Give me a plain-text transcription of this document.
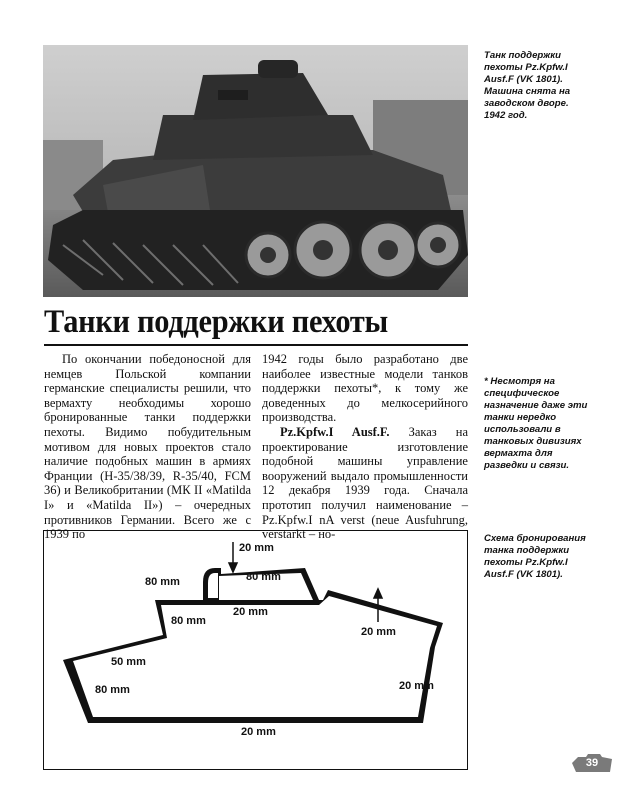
Танк поддержки пехоты Pz.Kpfw.I Ausf.F (VK 1801). Машина снята на заводском дворе. 1942 год.

Танки поддержки пехоты

* Несмотря на специфическое назначение даже эти танки нередко использовали в танковых дивизиях вермахта для разведки и связи.

По окончании победоносной для немцев Польской компании германские специалисты решили, что вермахту необходимы хорошо бронированные танки поддержки пехоты. Видимо побудительным мотивом для новых проектов стало наличие подобных машин в армиях Франции (Н-35/38/39, R-35/40, FCM 36) и Великобритании (МК II «Matilda I» и «Matilda II») – очередных противников Германии. Всего же с 1939 по

1942 годы было разработано две наиболее известные модели танков поддержки пехоты*, к тому же доведенных до мелкосерийного производства.

Pz.Kpfw.I Ausf.F. Заказ на проектирование изготовление подобной машины управление вооружений выдало промышленности 12 декабря 1939 года. Сначала прототип получил наименование – Pz.Kpfw.I nA verst (neue Ausfuhrung, verstarkt – но-	Схема бронирования танка поддержки пехоты Pz.Kpfw.I Ausf.F (VK 1801).

20 mm
80 mm
80 mm
20 mm
80 mm
20 mm
50 mm
80 mm	20 mm
20 mm
39
